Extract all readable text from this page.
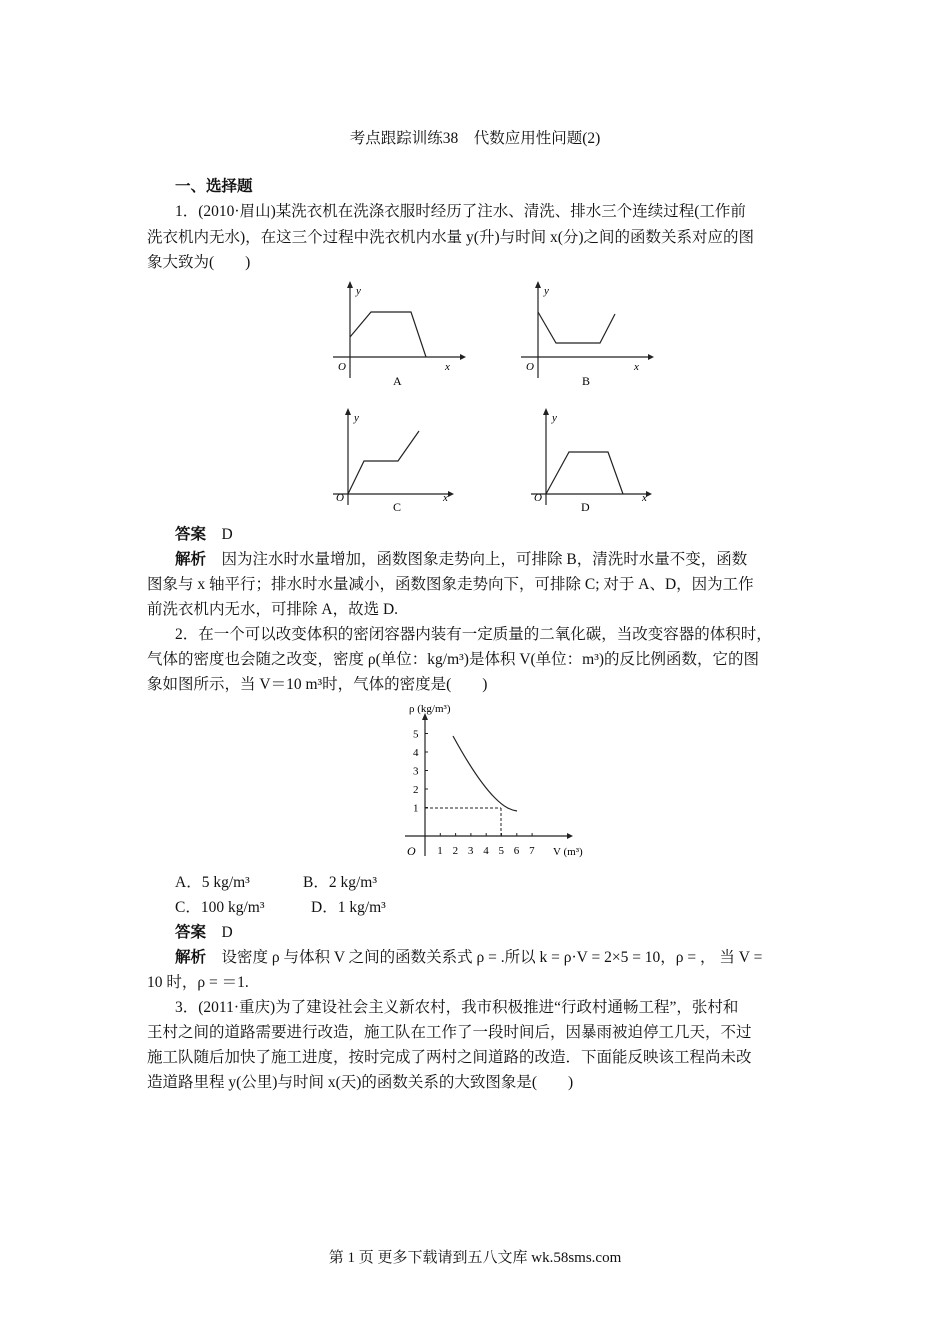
考点跟踪训练38　代数应用性问题(2)
一、选择题
1．(2010·眉山)某洗衣机在洗涤衣服时经历了注水、清洗、排水三个连续过程(工作前
洗衣机内无水)，在这三个过程中洗衣机内水量 y(升)与时间 x(分)之间的函数关系对应的图
象大致为(　　)
y
O	x
A
y
O	x
B
y
O	x
C
y
O	x
D
答案　 D
解析　 因为注水时水量增加，函数图象走势向上，可排除 B，清洗时水量不变，函数
图象与 x 轴平行；排水时水量减小，函数图象走势向下，可排除 C; 对于 A、D，因为工作
前洗衣机内无水，可排除 A，故选 D.
2．在一个可以改变体积的密闭容器内装有一定质量的二氧化碳，当改变容器的体积时，
气体的密度也会随之改变，密度 ρ(单位：kg/m³)是体积 V(单位：m³)的反比例函数，它的图
象如图所示，当 V＝10 m³时，气体的密度是(　　)
ρ (kg/m³)
O	V (m³)
1 2 3 4 5 6 7
1
2
3
4
5
A．5 kg/m³	B．2 kg/m³
C．100 kg/m³	D．1 kg/m³
答案　 D
解析　 设密度 ρ 与体积 V 之间的函数关系式 ρ = .所以 k = ρ·V = 2×5 = 10，ρ = ， 当 V =
10 时，ρ = ＝1.
3．(2011·重庆)为了建设社会主义新农村，我市积极推进“行政村通畅工程”，张村和
王村之间的道路需要进行改造，施工队在工作了一段时间后，因暴雨被迫停工几天，不过
施工队随后加快了施工进度，按时完成了两村之间道路的改造．下面能反映该工程尚未改
造道路里程 y(公里)与时间 x(天)的函数关系的大致图象是(　　)
第 1 页 更多下载请到五八文库 wk.58sms.com
